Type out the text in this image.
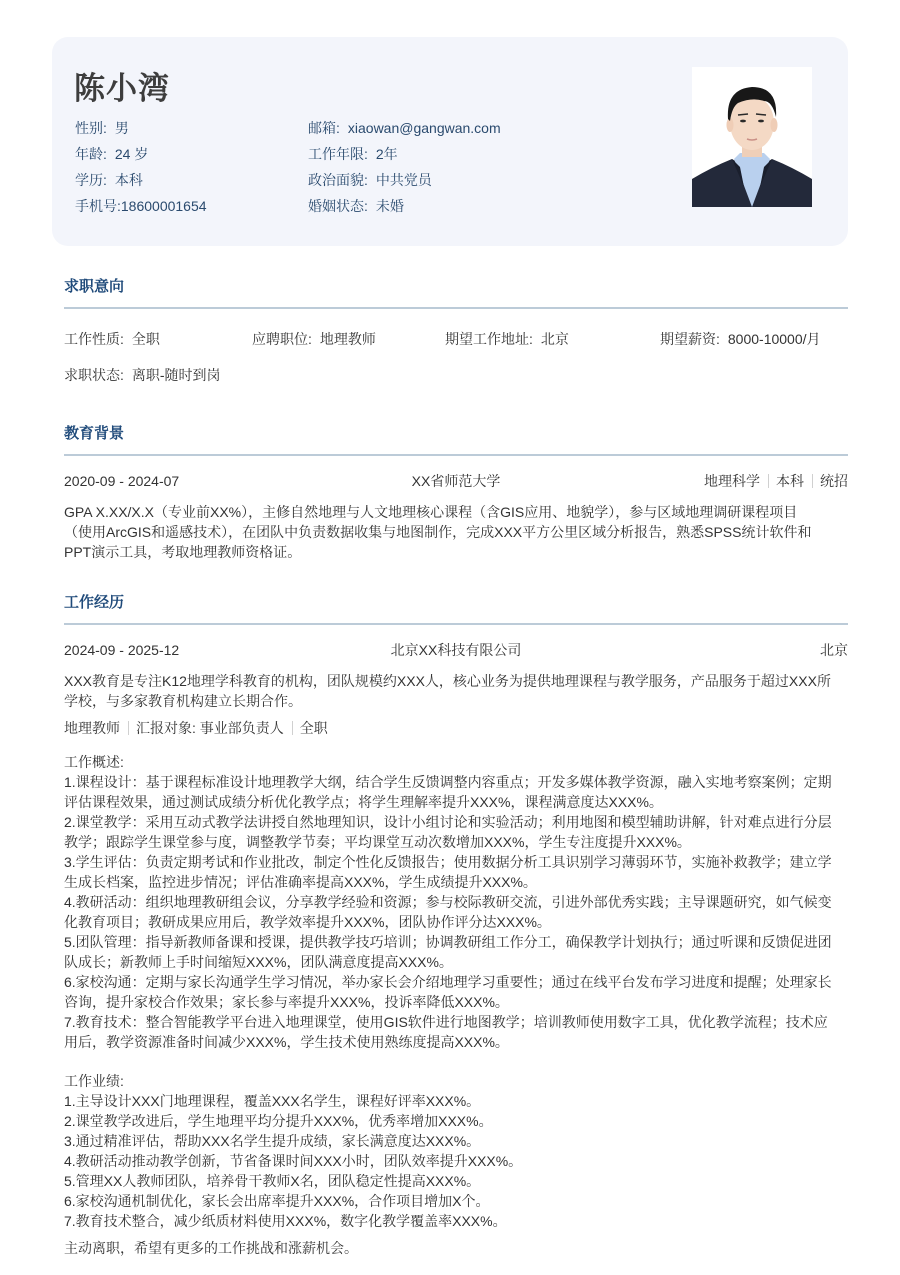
陈小湾
性别: 男
年龄: 24 岁
学历: 本科
手机号:18600001654
邮箱: xiaowan@gangwan.com
工作年限: 2年
政治面貌: 中共党员
婚姻状态: 未婚
求职意向
工作性质: 全职	应聘职位: 地理教师	期望工作地址: 北京	期望薪资: 8000-10000/月
求职状态: 离职-随时到岗
教育背景
2020-09 - 2024-07	XX省师范大学	地理科学 本科 统招
GPA X.XX/X.X（专业前XX%），主修自然地理与人文地理核心课程（含GIS应用、地貌学），参与区域地理调研课程项目（使用ArcGIS和遥感技术），在团队中负责数据收集与地图制作，完成XXX平方公里区域分析报告，熟悉SPSS统计软件和PPT演示工具，考取地理教师资格证。
工作经历
2024-09 - 2025-12	北京XX科技有限公司	北京
XXX教育是专注K12地理学科教育的机构，团队规模约XXX人，核心业务为提供地理课程与教学服务，产品服务于超过XXX所学校，与多家教育机构建立长期合作。
地理教师 汇报对象: 事业部负责人 全职
工作概述:
1.课程设计：基于课程标准设计地理教学大纲，结合学生反馈调整内容重点；开发多媒体教学资源，融入实地考察案例；定期评估课程效果，通过测试成绩分析优化教学点；将学生理解率提升XXX%，课程满意度达XXX%。
2.课堂教学：采用互动式教学法讲授自然地理知识，设计小组讨论和实验活动；利用地图和模型辅助讲解，针对难点进行分层教学；跟踪学生课堂参与度，调整教学节奏；平均课堂互动次数增加XXX%，学生专注度提升XXX%。
3.学生评估：负责定期考试和作业批改，制定个性化反馈报告；使用数据分析工具识别学习薄弱环节，实施补救教学；建立学生成长档案，监控进步情况；评估准确率提高XXX%，学生成绩提升XXX%。
4.教研活动：组织地理教研组会议，分享教学经验和资源；参与校际教研交流，引进外部优秀实践；主导课题研究，如气候变化教育项目；教研成果应用后，教学效率提升XXX%，团队协作评分达XXX%。
5.团队管理：指导新教师备课和授课，提供教学技巧培训；协调教研组工作分工，确保教学计划执行；通过听课和反馈促进团队成长；新教师上手时间缩短XXX%，团队满意度提高XXX%。
6.家校沟通：定期与家长沟通学生学习情况，举办家长会介绍地理学习重要性；通过在线平台发布学习进度和提醒；处理家长咨询，提升家校合作效果；家长参与率提升XXX%，投诉率降低XXX%。
7.教育技术：整合智能教学平台进入地理课堂，使用GIS软件进行地图教学；培训教师使用数字工具，优化教学流程；技术应用后，教学资源准备时间减少XXX%，学生技术使用熟练度提高XXX%。
工作业绩:
1.主导设计XXX门地理课程，覆盖XXX名学生，课程好评率XXX%。
2.课堂教学改进后，学生地理平均分提升XXX%，优秀率增加XXX%。
3.通过精准评估，帮助XXX名学生提升成绩，家长满意度达XXX%。
4.教研活动推动教学创新，节省备课时间XXX小时，团队效率提升XXX%。
5.管理XX人教师团队，培养骨干教师X名，团队稳定性提高XXX%。
6.家校沟通机制优化，家长会出席率提升XXX%，合作项目增加X个。
7.教育技术整合，减少纸质材料使用XXX%，数字化教学覆盖率XXX%。
主动离职，希望有更多的工作挑战和涨薪机会。
